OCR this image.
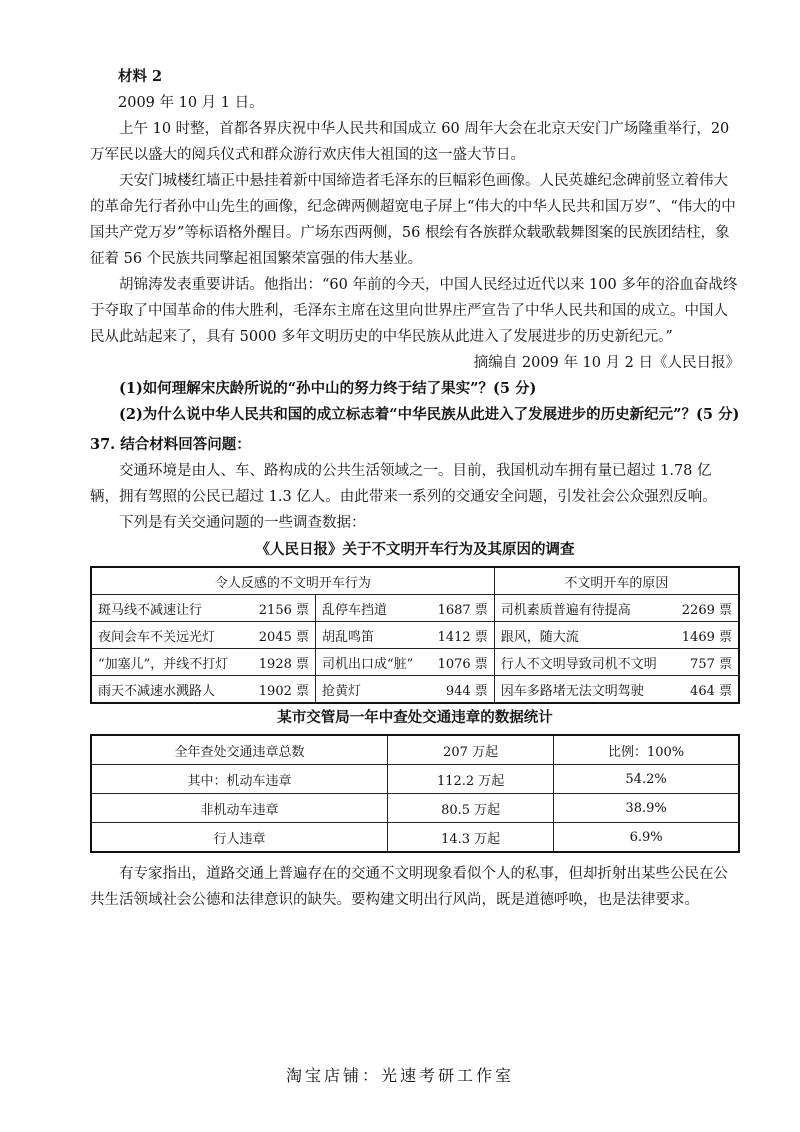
材料 2

2009 年 10 月 1 日。

上午 10 时整，首都各界庆祝中华人民共和国成立 60 周年大会在北京天安门广场隆重举行，20 万军民以盛大的阅兵仪式和群众游行欢庆伟大祖国的这一盛大节日。

天安门城楼红墙正中悬挂着新中国缔造者毛泽东的巨幅彩色画像。人民英雄纪念碑前竖立着伟大的革命先行者孙中山先生的画像，纪念碑两侧超宽电子屏上“伟大的中华人民共和国万岁”、“伟大的中国共产党万岁”等标语格外醒目。广场东西两侧，56 根绘有各族群众载歌载舞图案的民族团结柱，象征着 56 个民族共同擎起祖国繁荣富强的伟大基业。

胡锦涛发表重要讲话。他指出：“60 年前的今天，中国人民经过近代以来 100 多年的浴血奋战终于夺取了中国革命的伟大胜利，毛泽东主席在这里向世界庄严宣告了中华人民共和国的成立。中国人民从此站起来了，具有 5000 多年文明历史的中华民族从此进入了发展进步的历史新纪元。”

摘编自 2009 年 10 月 2 日《人民日报》

(1)如何理解宋庆龄所说的“孙中山的努力终于结了果实”？(5 分)

(2)为什么说中华人民共和国的成立标志着“中华民族从此进入了发展进步的历史新纪元”？(5 分)

37. 结合材料回答问题：

交通环境是由人、车、路构成的公共生活领域之一。目前，我国机动车拥有量已超过 1.78 亿辆，拥有驾照的公民已超过 1.3 亿人。由此带来一系列的交通安全问题，引发社会公众强烈反响。

下列是有关交通问题的一些调查数据：

《人民日报》关于不文明开车行为及其原因的调查
令人反感的不文明开车行为		不文明开车的原因

斑马线不减速让行 2156 票	乱停车挡道 1687 票	司机素质普遍有待提高 2269 票

夜间会车不关远光灯 2045 票	胡乱鸣笛 1412 票	跟风，随大流 1469 票

“加塞儿”，并线不打灯 1928 票	司机出口成“脏” 1076 票	行人不文明导致司机不文明 757 票

雨天不减速水溅路人 1902 票	抢黄灯 944 票	因车多路堵无法文明驾驶 464 票
某市交管局一年中查处交通违章的数据统计
全年查处交通违章总数	207 万起	比例：100%
其中：机动车违章	112.2 万起	54.2%
非机动车违章	80.5 万起	38.9%
行人违章	14.3 万起	6.9%

有专家指出，道路交通上普遍存在的交通不文明现象看似个人的私事，但却折射出某些公民在公共生活领域社会公德和法律意识的缺失。要构建文明出行风尚，既是道德呼唤，也是法律要求。

淘宝店铺：光速考研工作室
